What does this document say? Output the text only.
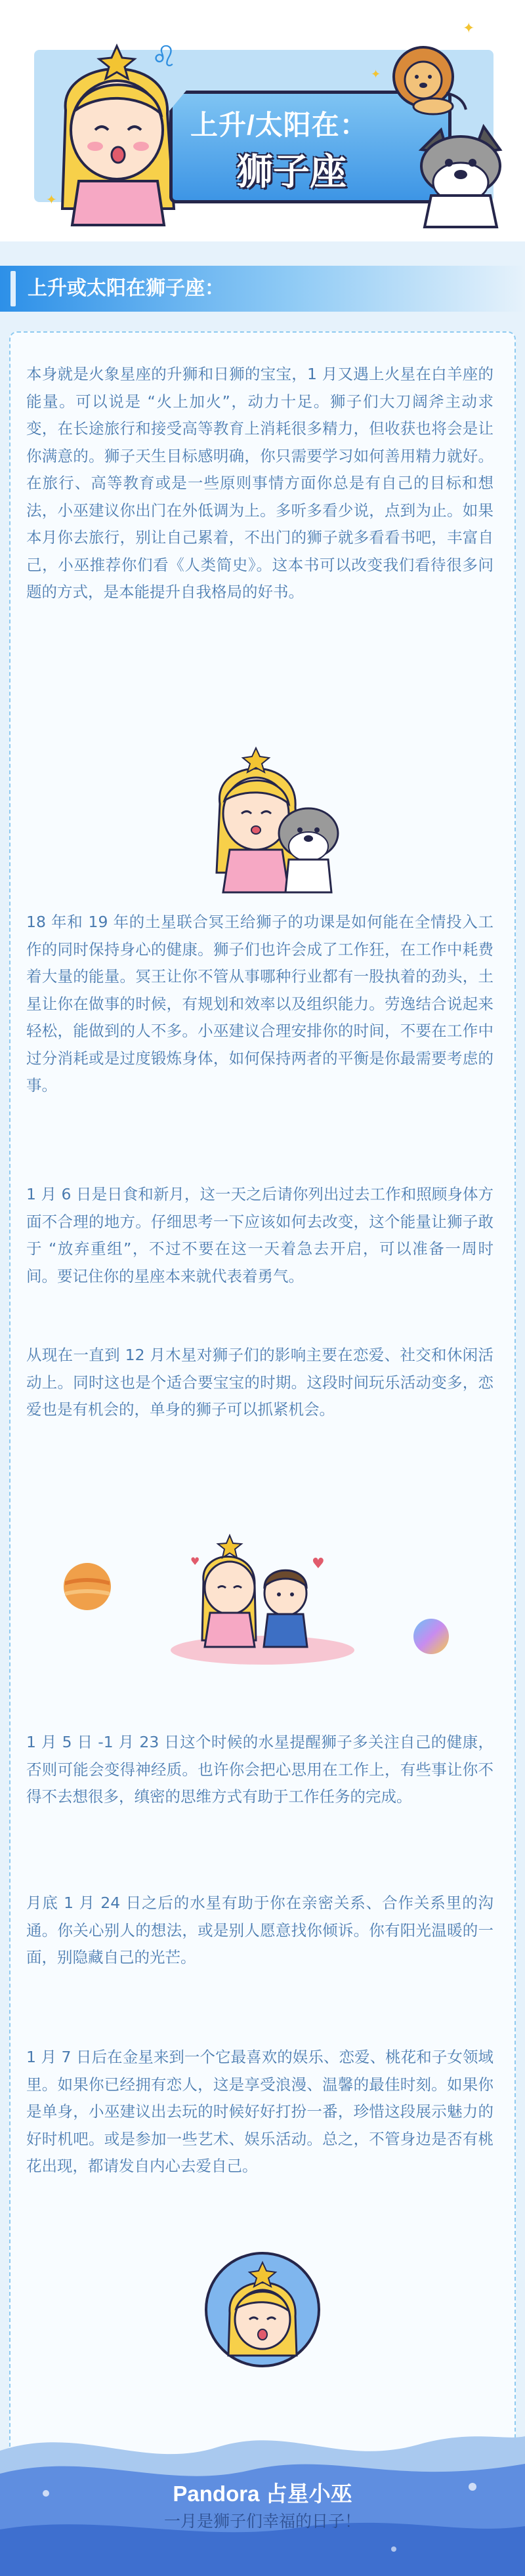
✦
✦
✦
♌
上升/太阳在：
狮子座
上升或太阳在狮子座：
本身就是火象星座的升狮和日狮的宝宝，1 月又遇上火星在白羊座的能量。可以说是 “火上加火”，动力十足。狮子们大刀阔斧主动求变，在长途旅行和接受高等教育上消耗很多精力，但收获也将会是让你满意的。狮子天生目标感明确，你只需要学习如何善用精力就好。在旅行、高等教育或是一些原则事情方面你总是有自己的目标和想法，小巫建议你出门在外低调为上。多听多看少说，点到为止。如果本月你去旅行，别让自己累着，不出门的狮子就多看看书吧，丰富自己，小巫推荐你们看《人类简史》。这本书可以改变我们看待很多问题的方式，是本能提升自我格局的好书。
18 年和 19 年的土星联合冥王给狮子的功课是如何能在全情投入工作的同时保持身心的健康。狮子们也许会成了工作狂，在工作中耗费着大量的能量。冥王让你不管从事哪种行业都有一股执着的劲头，土星让你在做事的时候，有规划和效率以及组织能力。劳逸结合说起来轻松，能做到的人不多。小巫建议合理安排你的时间，不要在工作中过分消耗或是过度锻炼身体，如何保持两者的平衡是你最需要考虑的事。
1 月 6 日是日食和新月，这一天之后请你列出过去工作和照顾身体方面不合理的地方。仔细思考一下应该如何去改变，这个能量让狮子敢于 “放弃重组”，不过不要在这一天着急去开启，可以准备一周时间。要记住你的星座本来就代表着勇气。
从现在一直到 12 月木星对狮子们的影响主要在恋爱、社交和休闲活动上。同时这也是个适合要宝宝的时期。这段时间玩乐活动变多，恋爱也是有机会的，单身的狮子可以抓紧机会。
♥
♥
1 月 5 日 -1 月 23 日这个时候的水星提醒狮子多关注自己的健康，否则可能会变得神经质。也许你会把心思用在工作上，有些事让你不得不去想很多，缜密的思维方式有助于工作任务的完成。
月底 1 月 24 日之后的水星有助于你在亲密关系、合作关系里的沟通。你关心别人的想法，或是别人愿意找你倾诉。你有阳光温暖的一面，别隐藏自己的光芒。
1 月 7 日后在金星来到一个它最喜欢的娱乐、恋爱、桃花和子女领域里。如果你已经拥有恋人，这是享受浪漫、温馨的最佳时刻。如果你是单身，小巫建议出去玩的时候好好打扮一番，珍惜这段展示魅力的好时机吧。或是参加一些艺术、娱乐活动。总之，不管身边是否有桃花出现，都请发自内心去爱自己。
Pandora 占星小巫
一月是狮子们幸福的日子！
